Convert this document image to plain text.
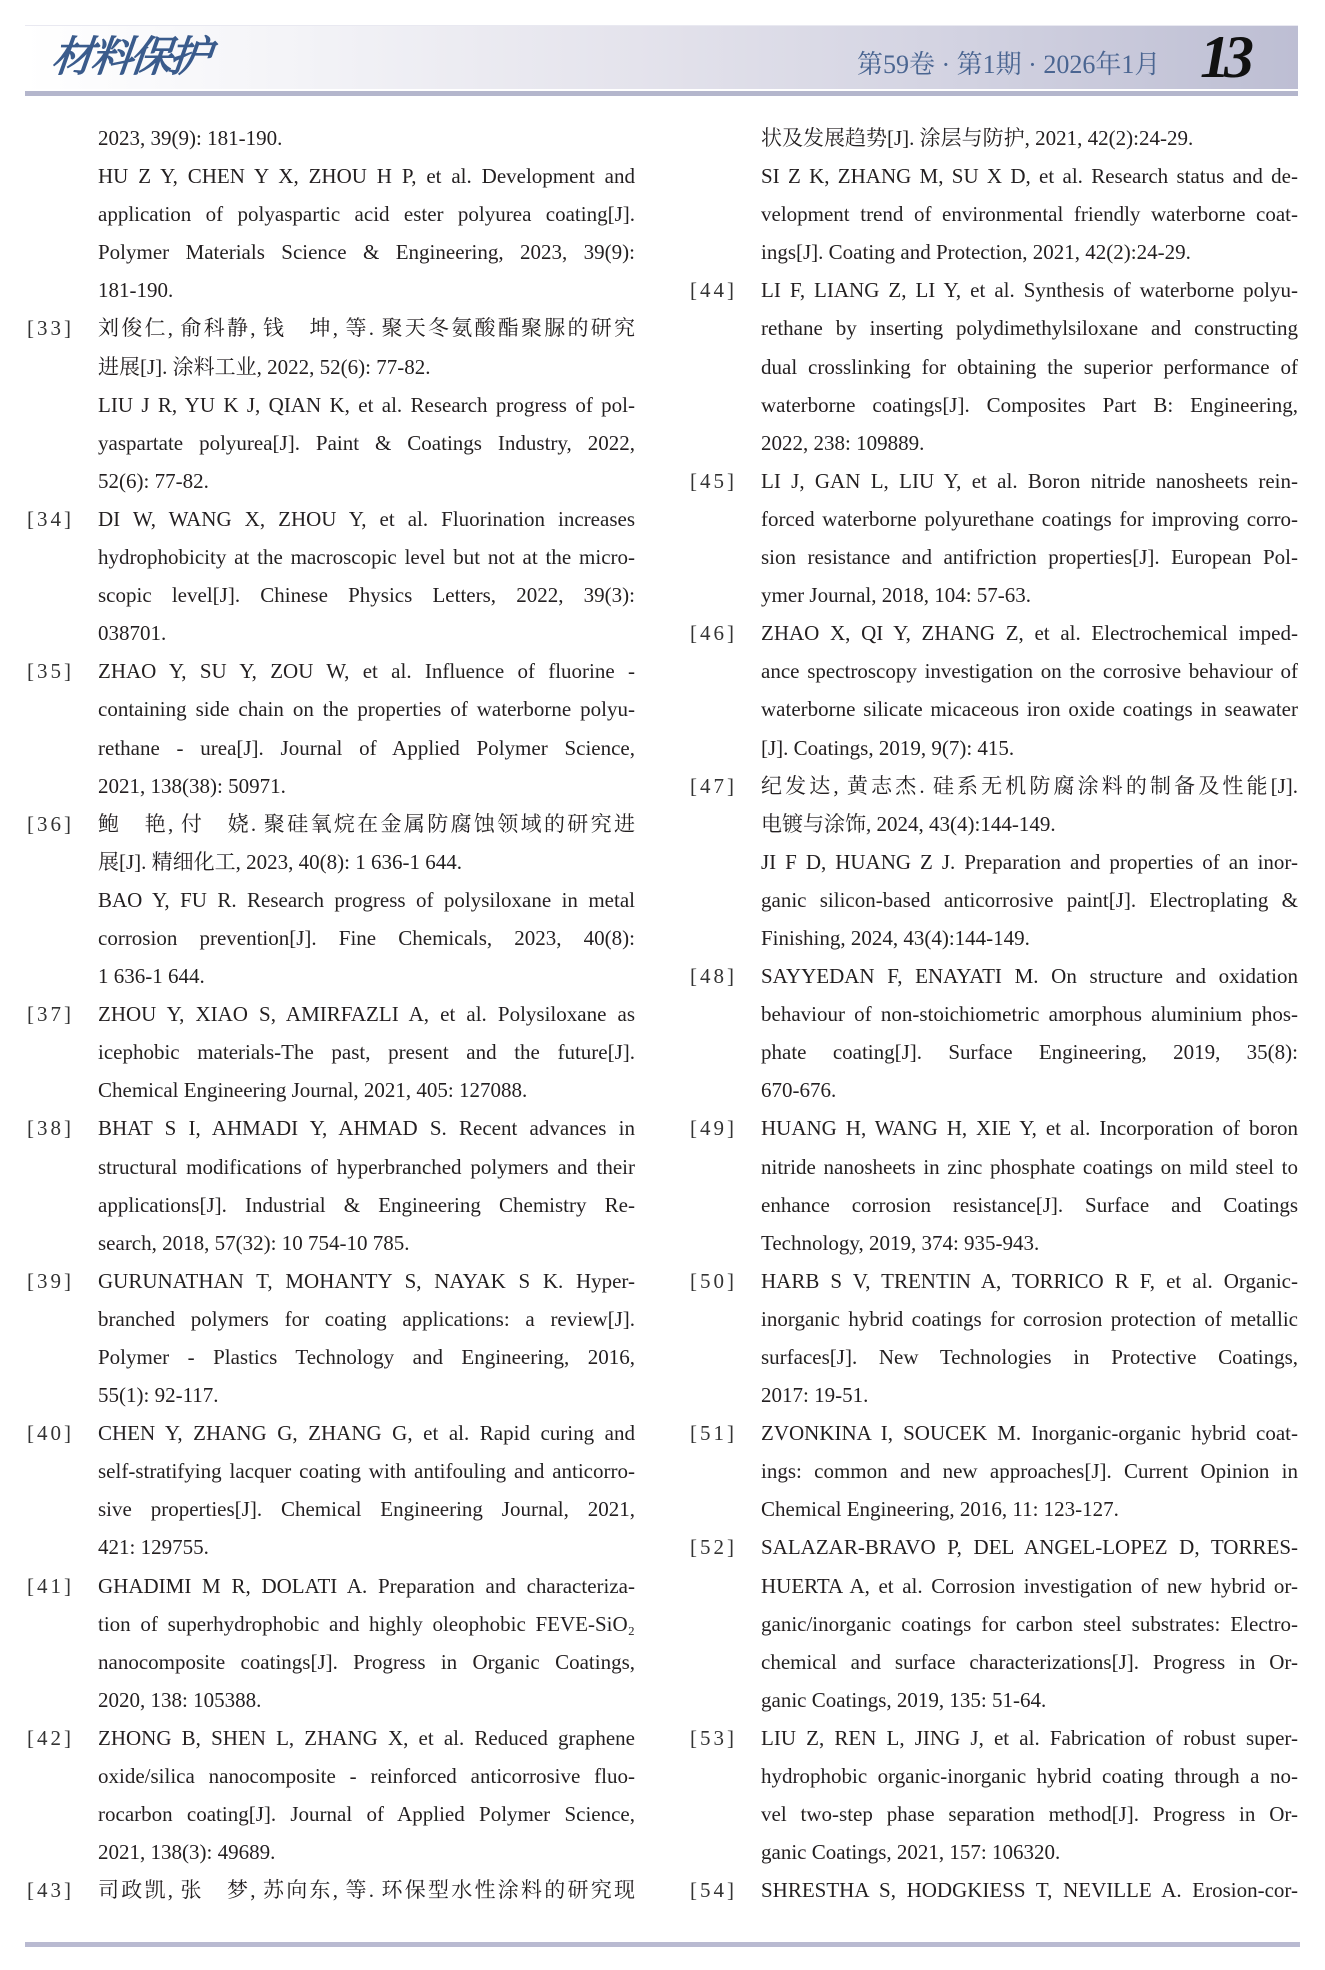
材料保护	第59卷 · 第1期 · 2026年1月 13
2023, 39(9): 181-190.
HU Z Y, CHEN Y X, ZHOU H P, et al. Development and
application of polyaspartic acid ester polyurea coating[J].
Polymer Materials Science & Engineering, 2023, 39(9):
181-190.
[33] 刘俊仁, 俞科静, 钱　坤, 等. 聚天冬氨酸酯聚脲的研究
进展[J]. 涂料工业, 2022, 52(6): 77-82.
LIU J R, YU K J, QIAN K, et al. Research progress of pol-
yaspartate polyurea[J]. Paint & Coatings Industry, 2022,
52(6): 77-82.
[34] DI W, WANG X, ZHOU Y, et al. Fluorination increases
hydrophobicity at the macroscopic level but not at the micro-
scopic level[J]. Chinese Physics Letters, 2022, 39(3):
038701.
[35] ZHAO Y, SU Y, ZOU W, et al. Influence of fluorine -
containing side chain on the properties of waterborne polyu-
rethane - urea[J]. Journal of Applied Polymer Science,
2021, 138(38): 50971.
[36] 鲍　艳, 付　娆. 聚硅氧烷在金属防腐蚀领域的研究进
展[J]. 精细化工, 2023, 40(8): 1 636-1 644.
BAO Y, FU R. Research progress of polysiloxane in metal
corrosion prevention[J]. Fine Chemicals, 2023, 40(8):
1 636-1 644.
[37] ZHOU Y, XIAO S, AMIRFAZLI A, et al. Polysiloxane as
icephobic materials-The past, present and the future[J].
Chemical Engineering Journal, 2021, 405: 127088.
[38] BHAT S I, AHMADI Y, AHMAD S. Recent advances in
structural modifications of hyperbranched polymers and their
applications[J]. Industrial & Engineering Chemistry Re-
search, 2018, 57(32): 10 754-10 785.
[39] GURUNATHAN T, MOHANTY S, NAYAK S K. Hyper-
branched polymers for coating applications: a review[J].
Polymer - Plastics Technology and Engineering, 2016,
55(1): 92-117.
[40] CHEN Y, ZHANG G, ZHANG G, et al. Rapid curing and
self-stratifying lacquer coating with antifouling and anticorro-
sive properties[J]. Chemical Engineering Journal, 2021,
421: 129755.
[41] GHADIMI M R, DOLATI A. Preparation and characteriza-
tion of superhydrophobic and highly oleophobic FEVE-SiO₂
nanocomposite coatings[J]. Progress in Organic Coatings,
2020, 138: 105388.
[42] ZHONG B, SHEN L, ZHANG X, et al. Reduced graphene
oxide/silica nanocomposite - reinforced anticorrosive fluo-
rocarbon coating[J]. Journal of Applied Polymer Science,
2021, 138(3): 49689.
[43] 司政凯, 张　梦, 苏向东, 等. 环保型水性涂料的研究现
状及发展趋势[J]. 涂层与防护, 2021, 42(2):24-29.
SI Z K, ZHANG M, SU X D, et al. Research status and de-
velopment trend of environmental friendly waterborne coat-
ings[J]. Coating and Protection, 2021, 42(2):24-29.
[44] LI F, LIANG Z, LI Y, et al. Synthesis of waterborne polyu-
rethane by inserting polydimethylsiloxane and constructing
dual crosslinking for obtaining the superior performance of
waterborne coatings[J]. Composites Part B: Engineering,
2022, 238: 109889.
[45] LI J, GAN L, LIU Y, et al. Boron nitride nanosheets rein-
forced waterborne polyurethane coatings for improving corro-
sion resistance and antifriction properties[J]. European Pol-
ymer Journal, 2018, 104: 57-63.
[46] ZHAO X, QI Y, ZHANG Z, et al. Electrochemical imped-
ance spectroscopy investigation on the corrosive behaviour of
waterborne silicate micaceous iron oxide coatings in seawater
[J]. Coatings, 2019, 9(7): 415.
[47] 纪发达, 黄志杰. 硅系无机防腐涂料的制备及性能[J].
电镀与涂饰, 2024, 43(4):144-149.
JI F D, HUANG Z J. Preparation and properties of an inor-
ganic silicon-based anticorrosive paint[J]. Electroplating &
Finishing, 2024, 43(4):144-149.
[48] SAYYEDAN F, ENAYATI M. On structure and oxidation
behaviour of non-stoichiometric amorphous aluminium phos-
phate coating[J]. Surface Engineering, 2019, 35(8):
670-676.
[49] HUANG H, WANG H, XIE Y, et al. Incorporation of boron
nitride nanosheets in zinc phosphate coatings on mild steel to
enhance corrosion resistance[J]. Surface and Coatings
Technology, 2019, 374: 935-943.
[50] HARB S V, TRENTIN A, TORRICO R F, et al. Organic-
inorganic hybrid coatings for corrosion protection of metallic
surfaces[J]. New Technologies in Protective Coatings,
2017: 19-51.
[51] ZVONKINA I, SOUCEK M. Inorganic-organic hybrid coat-
ings: common and new approaches[J]. Current Opinion in
Chemical Engineering, 2016, 11: 123-127.
[52] SALAZAR-BRAVO P, DEL ANGEL-LOPEZ D, TORRES-
HUERTA A, et al. Corrosion investigation of new hybrid or-
ganic/inorganic coatings for carbon steel substrates: Electro-
chemical and surface characterizations[J]. Progress in Or-
ganic Coatings, 2019, 135: 51-64.
[53] LIU Z, REN L, JING J, et al. Fabrication of robust super-
hydrophobic organic-inorganic hybrid coating through a no-
vel two-step phase separation method[J]. Progress in Or-
ganic Coatings, 2021, 157: 106320.
[54] SHRESTHA S, HODGKIESS T, NEVILLE A. Erosion-cor-
